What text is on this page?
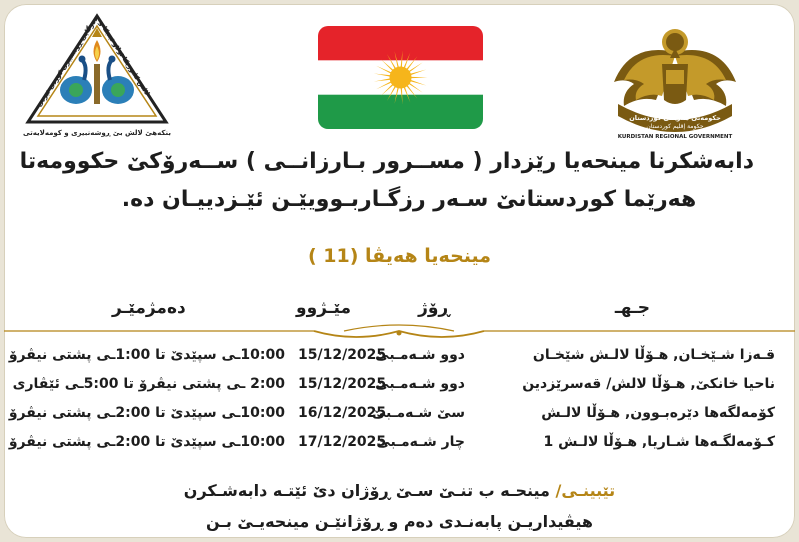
لالش کلتوریکا ئولاو ئینیکا و دەزگایی ڕوشنبیری کوردی ئیزدی
بنکەهێ لالش بێ ڕوشەنبیری و کومەلایەتی
حکومەتی هەرێمی کوردستان
حكومة إقليم كوردستان
KURDISTAN REGIONAL GOVERNMENT
دابەشکرنا مینحەیا رێزدار ( مســرور بـارزانــی ) ســەرۆکێ حکوومەتا
هەرێما کوردستانێ سـەر رزگـاربـوویێـن ئێـزدییـان دە.
مینحەیا هەیڤا (11 )
جـهـ
ڕۆژ
مێـژوو
دەمژمێـر
قـەزا شـێخـان, هـۆڵا لالـش شێخـان
دوو شـەمـبێ
15/12/2025
10:00ـی سپێدێ تا 1:00ـی پشتی نیڤرۆ
ناحیا خانکێ, هـۆڵا لالش/ قەسرێزدین
دوو شـەمـبێ
15/12/2025
2:00 ـی پشتی نیڤرۆ تا 5:00ـی ئێڤاری
کۆمەلگەها دێرەبـوون, هـۆڵا لالـش
سێ شـەمـبێ
16/12/2025
10:00ـی سپێدێ تا 2:00ـی پشتی نیڤرۆ
کـۆمەلگـەها شـاریا, هـۆڵا لالـش 1
چار شـەمـبێ
17/12/2025
10:00ـی سپێدێ تا 2:00ـی پشتی نیڤرۆ
تێبینـی/ مینحـە ب تنـێ سـێ ڕۆژان دێ ئێتـە دابەشـکرن
هیڤیداریـن پابەنـدی دەم و ڕۆژانێـن مینحەیـێ بـن
